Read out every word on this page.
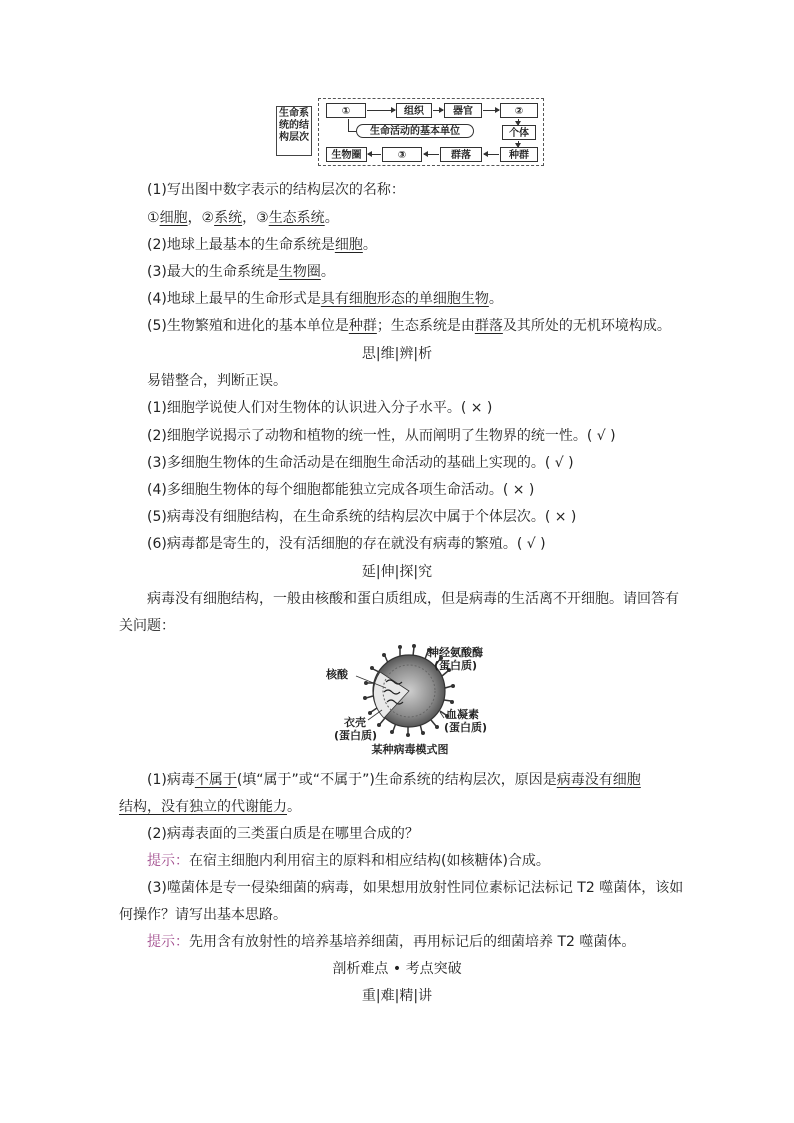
生命系统的结构层次
①	组织	器官	②
个体
种群
群落
③
生物圈
生命活动的基本单位
(1)写出图中数字表示的结构层次的名称：
①细胞，②系统，③生态系统。
(2)地球上最基本的生命系统是细胞。
(3)最大的生命系统是生物圈。
(4)地球上最早的生命形式是具有细胞形态的单细胞生物。
(5)生物繁殖和进化的基本单位是种群；生态系统是由群落及其所处的无机环境构成。
思|维|辨|析
易错整合，判断正误。
(1)细胞学说使人们对生物体的认识进入分子水平。( × )
(2)细胞学说揭示了动物和植物的统一性，从而阐明了生物界的统一性。( √ )
(3)多细胞生物体的生命活动是在细胞生命活动的基础上实现的。( √ )
(4)多细胞生物体的每个细胞都能独立完成各项生命活动。( × )
(5)病毒没有细胞结构，在生命系统的结构层次中属于个体层次。( × )
(6)病毒都是寄生的，没有活细胞的存在就没有病毒的繁殖。( √ )
延|伸|探|究
病毒没有细胞结构，一般由核酸和蛋白质组成，但是病毒的生活离不开细胞。请回答有
关问题：
核酸
神经氨酸酶
(蛋白质)
衣壳
(蛋白质)
血凝素
(蛋白质)
某种病毒模式图
(1)病毒不属于(填“属于”或“不属于”)生命系统的结构层次，原因是病毒没有细胞
结构，没有独立的代谢能力。
(2)病毒表面的三类蛋白质是在哪里合成的？
提示：在宿主细胞内利用宿主的原料和相应结构(如核糖体)合成。
(3)噬菌体是专一侵染细菌的病毒，如果想用放射性同位素标记法标记 T2 噬菌体，该如
何操作？请写出基本思路。
提示：先用含有放射性的培养基培养细菌，再用标记后的细菌培养 T2 噬菌体。
剖析难点 • 考点突破
重|难|精|讲
